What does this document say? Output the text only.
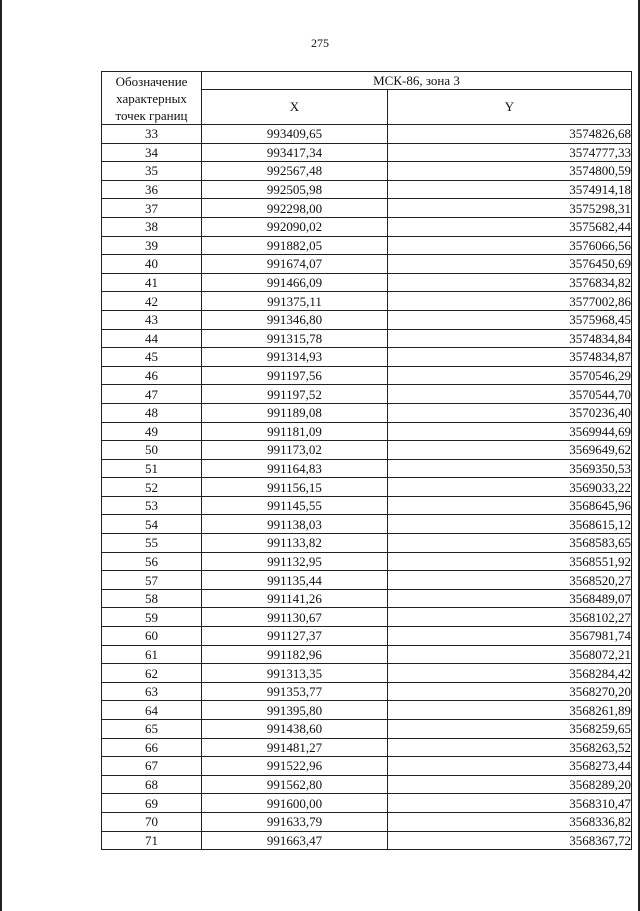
275
Обозначение характерных точек границ	МСК-86, зона 3	
	X	Y
33	993409,65	3574826,68
34	993417,34	3574777,33
35	992567,48	3574800,59
36	992505,98	3574914,18
37	992298,00	3575298,31
38	992090,02	3575682,44
39	991882,05	3576066,56
40	991674,07	3576450,69
41	991466,09	3576834,82
42	991375,11	3577002,86
43	991346,80	3575968,45
44	991315,78	3574834,84
45	991314,93	3574834,87
46	991197,56	3570546,29
47	991197,52	3570544,70
48	991189,08	3570236,40
49	991181,09	3569944,69
50	991173,02	3569649,62
51	991164,83	3569350,53
52	991156,15	3569033,22
53	991145,55	3568645,96
54	991138,03	3568615,12
55	991133,82	3568583,65
56	991132,95	3568551,92
57	991135,44	3568520,27
58	991141,26	3568489,07
59	991130,67	3568102,27
60	991127,37	3567981,74
61	991182,96	3568072,21
62	991313,35	3568284,42
63	991353,77	3568270,20
64	991395,80	3568261,89
65	991438,60	3568259,65
66	991481,27	3568263,52
67	991522,96	3568273,44
68	991562,80	3568289,20
69	991600,00	3568310,47
70	991633,79	3568336,82
71	991663,47	3568367,72
